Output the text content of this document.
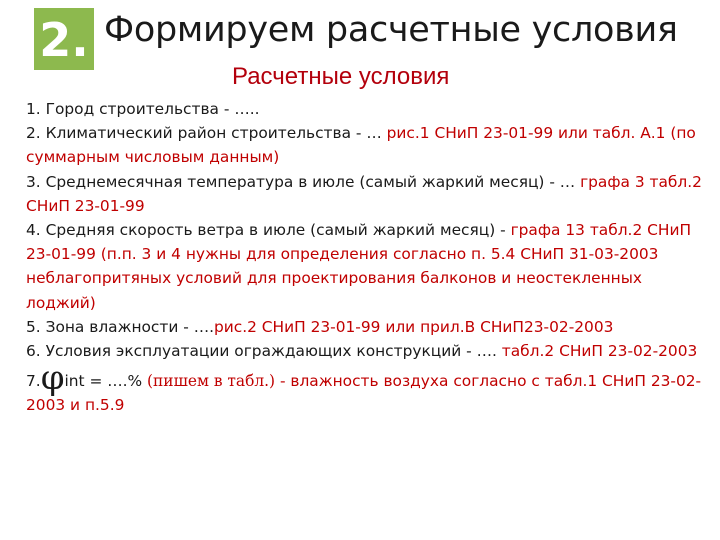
2. Формируем расчетные условия
Расчетные условия

1. Город строительства - …..

2. Климатический район строительства - … рис.1 СНиП 23-01-99 или табл. А.1 (по суммарным числовым данным)

3. Среднемесячная температура в июле (самый жаркий месяц) - … графа 3 табл.2 СНиП 23-01-99

4. Средняя скорость ветра в июле (самый жаркий месяц) - графа 13 табл.2 СНиП 23-01-99 (п.п. 3 и 4 нужны для определения согласно п. 5.4 СНиП 31-03-2003 неблагопритяных условий для проектирования балконов и неостекленных лоджий)

5. Зона влажности - ….рис.2 СНиП 23-01-99 или прил.В СНиП23-02-2003

6. Условия эксплуатации ограждающих конструкций - …. табл.2 СНиП 23-02-2003

7.φint = ….% (пишем в табл.) - влажность воздуха согласно с табл.1 СНиП 23-02-2003 и п.5.9
